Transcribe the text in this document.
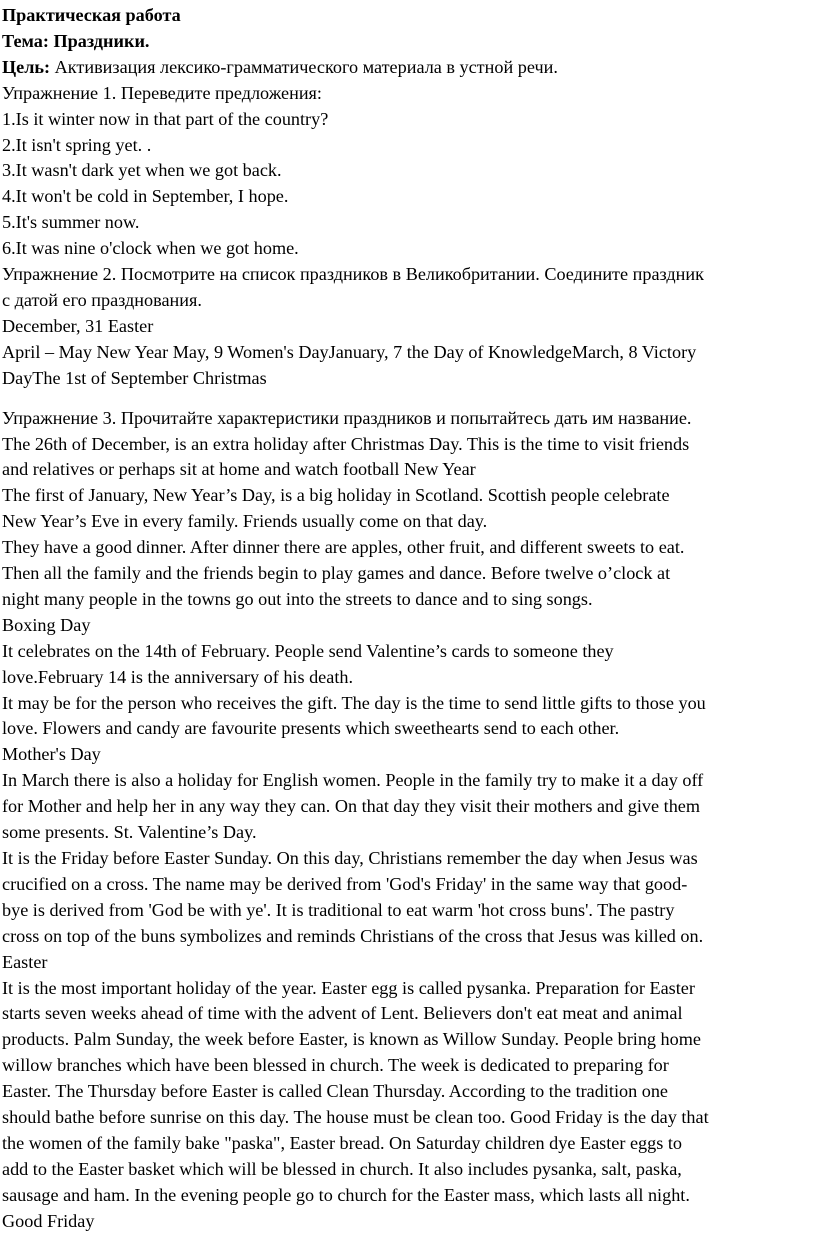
Практическая работа
Тема: Праздники.
Цель: Активизация лексико-грамматического материала в устной речи.
Упражнение 1. Переведите предложения:
1.Is it winter now in that part of the country?
2.It isn't spring yet. .
3.It wasn't dark yet when we got back.
4.It won't be cold in September, I hope.
5.It's summer now.
6.It was nine o'clock when we got home.
Упражнение 2. Посмотрите на список праздников в Великобритании. Соедините праздник
с датой его празднования.
December, 31 Easter
April – May New Year May, 9 Women's DayJanuary, 7 the Day of KnowledgeMarch, 8 Victory
DayThe 1st of September Christmas
Упражнение 3. Прочитайте характеристики праздников и попытайтесь дать им название.
The 26th of December, is an extra holiday after Christmas Day. This is the time to visit friends
and relatives or perhaps sit at home and watch football New Year
The first of January, New Year’s Day, is a big holiday in Scotland. Scottish people celebrate
New Year’s Eve in every family. Friends usually come on that day.
They have a good dinner. After dinner there are apples, other fruit, and different sweets to eat.
Then all the family and the friends begin to play games and dance. Before twelve o’clock at
night many people in the towns go out into the streets to dance and to sing songs.
Boxing Day
It celebrates on the 14th of February. People send Valentine’s cards to someone they
love.February 14 is the anniversary of his death.
It may be for the person who receives the gift. The day is the time to send little gifts to those you
love. Flowers and candy are favourite presents which sweethearts send to each other.
Mother's Day
In March there is also a holiday for English women. People in the family try to make it a day off
for Mother and help her in any way they can. On that day they visit their mothers and give them
some presents. St. Valentine’s Day.
It is the Friday before Easter Sunday. On this day, Christians remember the day when Jesus was
crucified on a cross. The name may be derived from 'God's Friday' in the same way that good-
bye is derived from 'God be with ye'. It is traditional to eat warm 'hot cross buns'. The pastry
cross on top of the buns symbolizes and reminds Christians of the cross that Jesus was killed on.
Easter
It is the most important holiday of the year. Easter egg is called pysanka. Preparation for Easter
starts seven weeks ahead of time with the advent of Lent. Believers don't eat meat and animal
products. Palm Sunday, the week before Easter, is known as Willow Sunday. People bring home
willow branches which have been blessed in church. The week is dedicated to preparing for
Easter. The Thursday before Easter is called Clean Thursday. According to the tradition one
should bathe before sunrise on this day. The house must be clean too. Good Friday is the day that
the women of the family bake "paska", Easter bread. On Saturday children dye Easter eggs to
add to the Easter basket which will be blessed in church. It also includes pysanka, salt, paska,
sausage and ham. In the evening people go to church for the Easter mass, which lasts all night.
Good Friday
